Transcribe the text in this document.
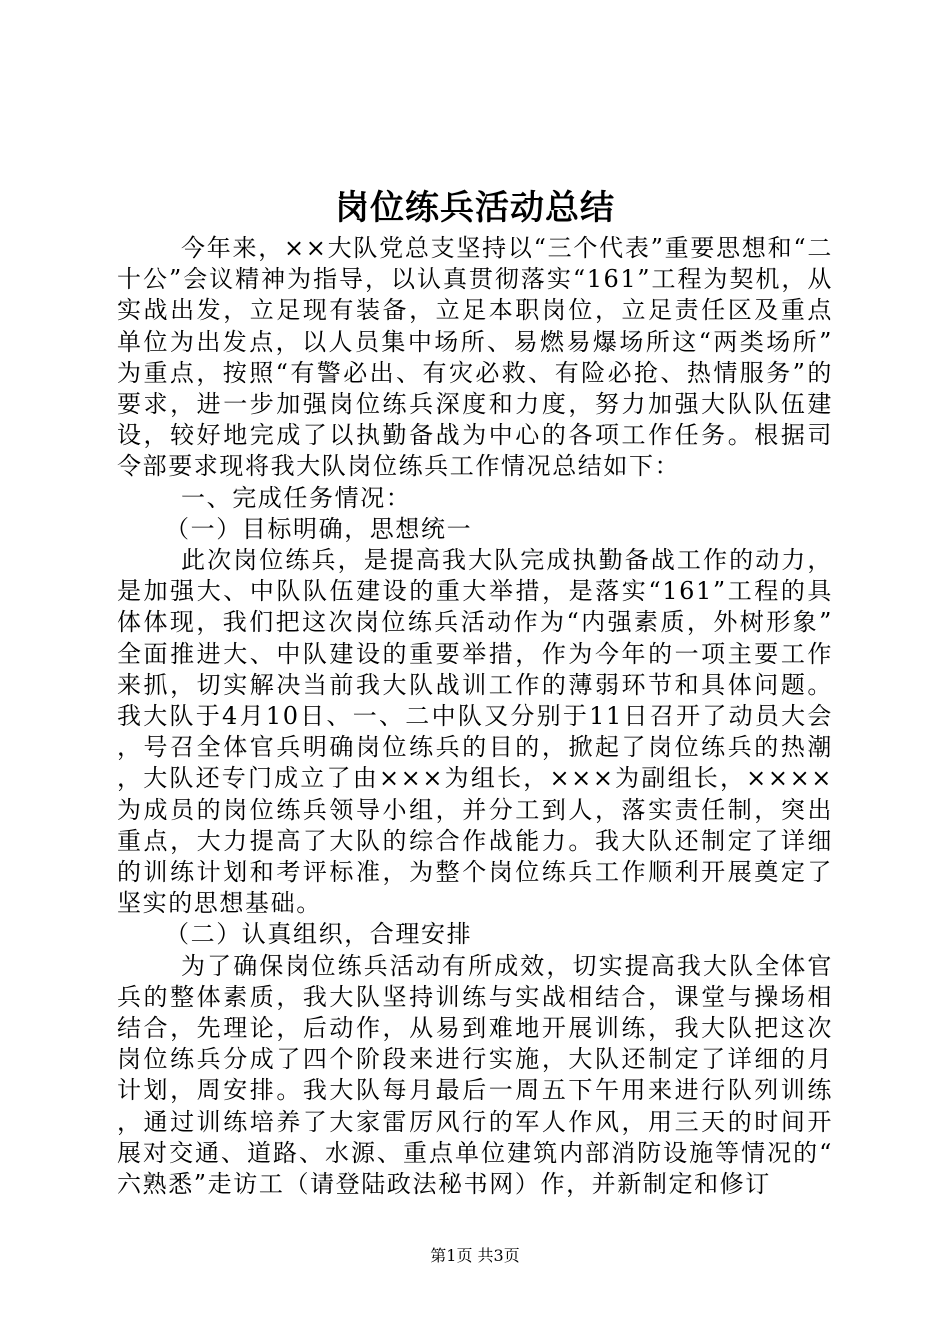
岗位练兵活动总结

今年来，××大队党总支坚持以“三个代表”重要思想和“二十公”会议精神为指导，以认真贯彻落实“161”工程为契机，从实战出发，立足现有装备，立足本职岗位，立足责任区及重点单位为出发点，以人员集中场所、易燃易爆场所这“两类场所”为重点，按照“有警必出、有灾必救、有险必抢、热情服务”的要求，进一步加强岗位练兵深度和力度，努力加强大队队伍建设，较好地完成了以执勤备战为中心的各项工作任务。根据司令部要求现将我大队岗位练兵工作情况总结如下：

一、完成任务情况：

（一）目标明确，思想统一

此次岗位练兵，是提高我大队完成执勤备战工作的动力，是加强大、中队队伍建设的重大举措，是落实“161”工程的具体体现，我们把这次岗位练兵活动作为“内强素质，外树形象”全面推进大、中队建设的重要举措，作为今年的一项主要工作来抓，切实解决当前我大队战训工作的薄弱环节和具体问题。我大队于4月10日、一、二中队又分别于11日召开了动员大会，号召全体官兵明确岗位练兵的目的，掀起了岗位练兵的热潮，大队还专门成立了由×××为组长，×××为副组长，××××为成员的岗位练兵领导小组，并分工到人，落实责任制，突出重点，大力提高了大队的综合作战能力。我大队还制定了详细的训练计划和考评标准，为整个岗位练兵工作顺利开展奠定了坚实的思想基础。

（二）认真组织，合理安排

为了确保岗位练兵活动有所成效，切实提高我大队全体官兵的整体素质，我大队坚持训练与实战相结合，课堂与操场相结合，先理论，后动作，从易到难地开展训练，我大队把这次岗位练兵分成了四个阶段来进行实施，大队还制定了详细的月计划，周安排。我大队每月最后一周五下午用来进行队列训练，通过训练培养了大家雷厉风行的军人作风，用三天的时间开展对交通、道路、水源、重点单位建筑内部消防设施等情况的“六熟悉”走访工（请登陆政法秘书网）作，并新制定和修订

第1页 共3页
